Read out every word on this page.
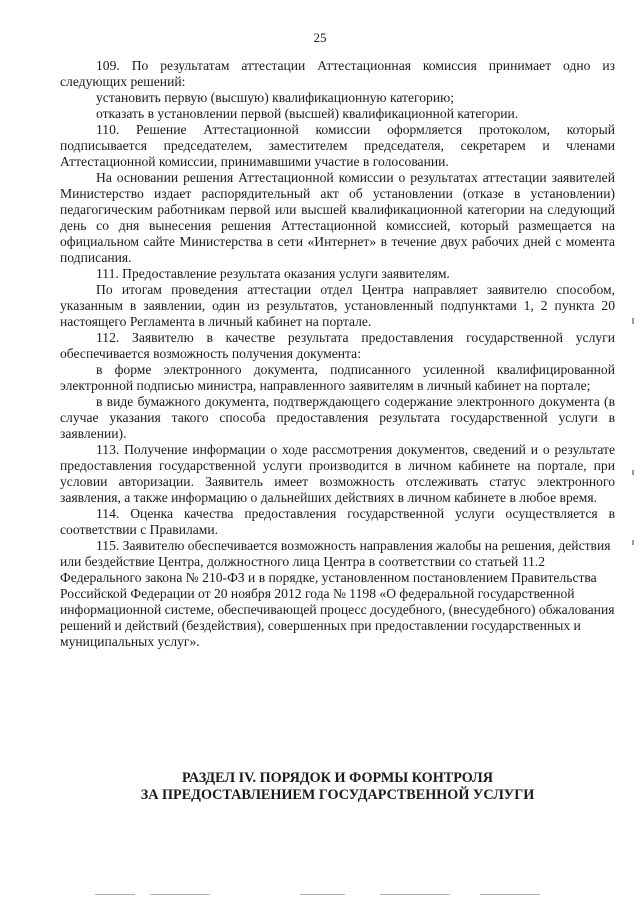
25

109. По результатам аттестации Аттестационная комиссия принимает одно из следующих решений:

установить первую (высшую) квалификационную категорию;

отказать в установлении первой (высшей) квалификационной категории.

110. Решение Аттестационной комиссии оформляется протоколом, который подписывается председателем, заместителем председателя, секретарем и членами Аттестационной комиссии, принимавшими участие в голосовании.

На основании решения Аттестационной комиссии о результатах аттестации заявителей Министерство издает распорядительный акт об установлении (отказе в установлении) педагогическим работникам первой или высшей квалификационной категории на следующий день со дня вынесения решения Аттестационной комиссией, который размещается на официальном сайте Министерства в сети «Интернет» в течение двух рабочих дней с момента подписания.

111. Предоставление результата оказания услуги заявителям.

По итогам проведения аттестации отдел Центра направляет заявителю способом, указанным в заявлении, один из результатов, установленный подпунктами 1, 2 пункта 20 настоящего Регламента в личный кабинет на портале.

112. Заявителю в качестве результата предоставления государственной услуги обеспечивается возможность получения документа:

в форме электронного документа, подписанного усиленной квалифицированной электронной подписью министра, направленного заявителям в личный кабинет на портале;

в виде бумажного документа, подтверждающего содержание электронного документа (в случае указания такого способа предоставления результата государственной услуги в заявлении).

113. Получение информации о ходе рассмотрения документов, сведений и о результате предоставления государственной услуги производится в личном кабинете на портале, при условии авторизации. Заявитель имеет возможность отслеживать статус электронного заявления, а также информацию о дальнейших действиях в личном кабинете в любое время.

114. Оценка качества предоставления государственной услуги осуществляется в соответствии с Правилами.

115. Заявителю обеспечивается возможность направления жалобы на решения, действия или бездействие Центра, должностного лица Центра в соответствии со статьей 11.2 Федерального закона № 210-ФЗ и в порядке, установленном постановлением Правительства Российской Федерации от 20 ноября 2012 года № 1198 «О федеральной государственной информационной системе, обеспечивающей процесс досудебного, (внесудебного) обжалования решений и действий (бездействия), совершенных при предоставлении государственных и муниципальных услуг».

РАЗДЕЛ IV. ПОРЯДОК И ФОРМЫ КОНТРОЛЯ
ЗА ПРЕДОСТАВЛЕНИЕМ ГОСУДАРСТВЕННОЙ УСЛУГИ
